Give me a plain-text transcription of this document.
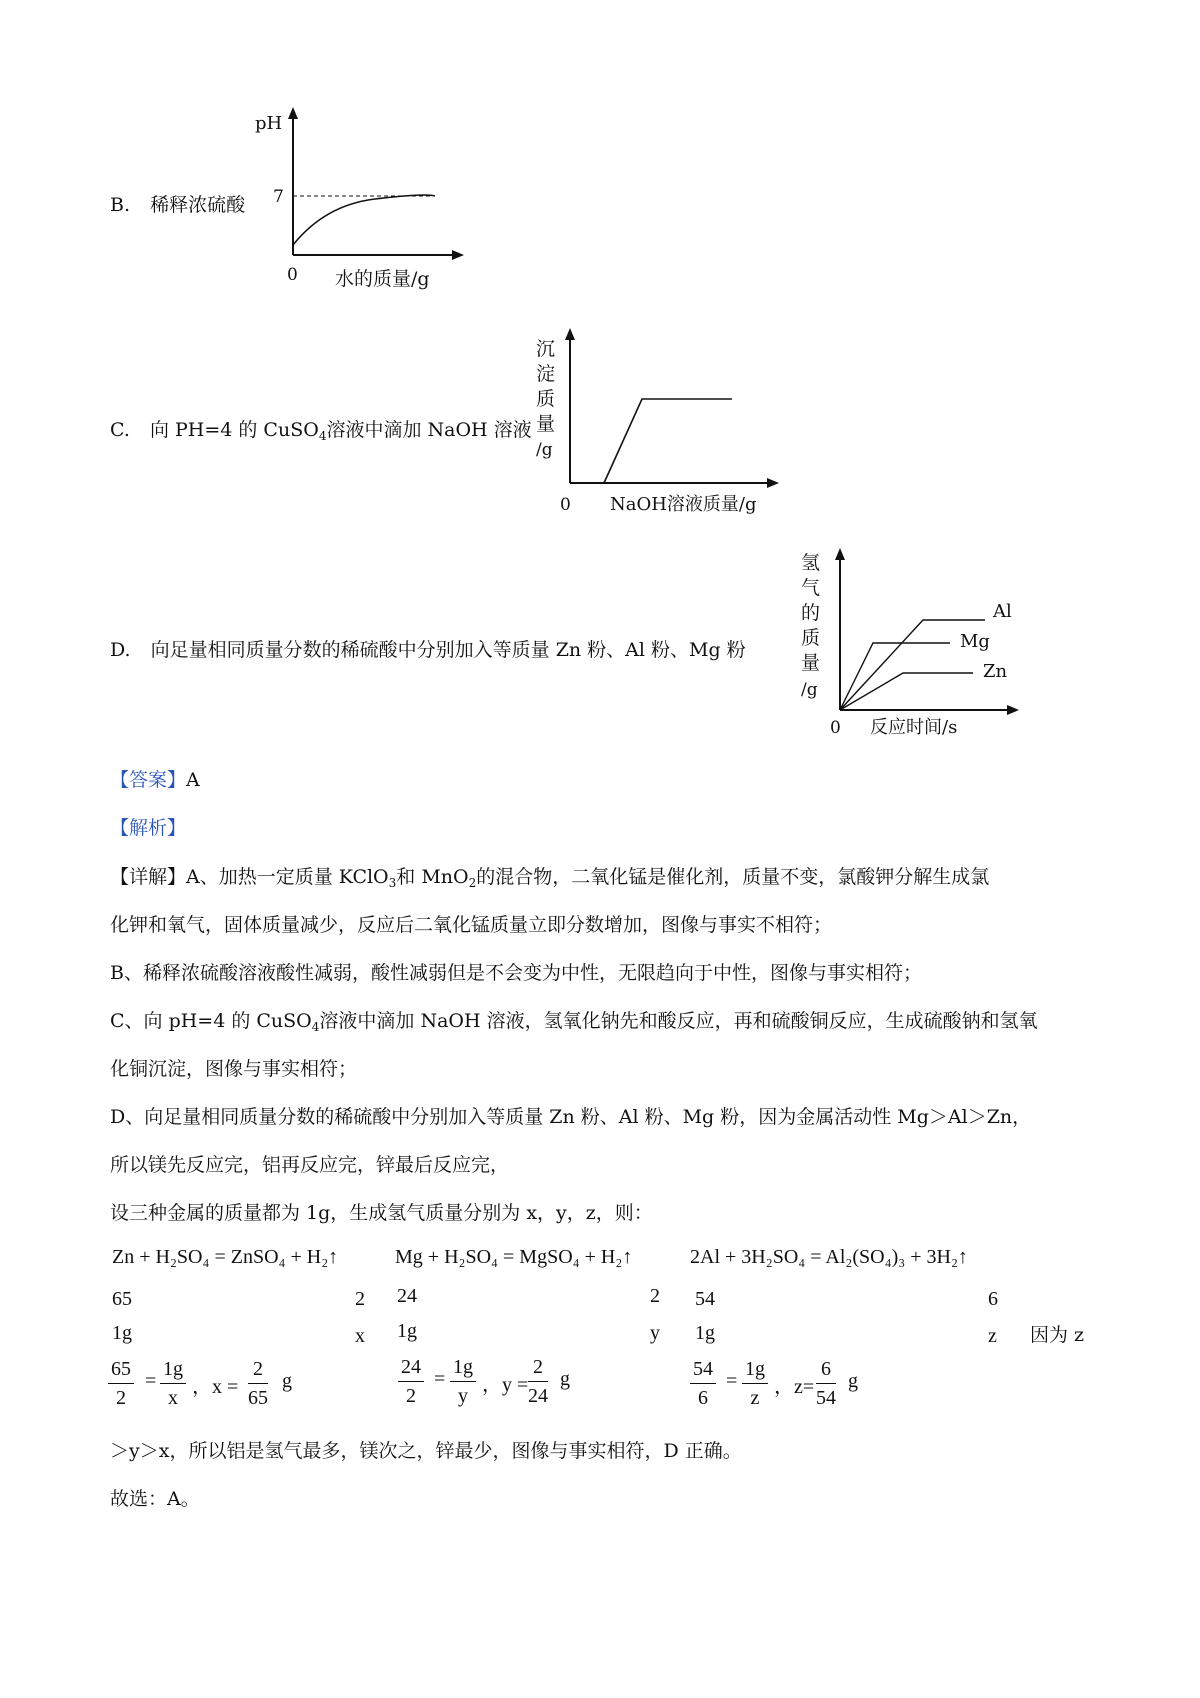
B. 稀释浓硫酸
pH
7
0 水的质量/g
C. 向 PH=4 的 CuSO$_4$溶液中滴加 NaOH 溶液
沉
淀
质
量
/g
0 NaOH溶液质量/g
D. 向足量相同质量分数的稀硫酸中分别加入等质量 Zn 粉、Al 粉、Mg 粉
氢
气
的
质
量
/g
Al
Mg
Zn
0 反应时间/s
【答案】A
【解析】
【详解】A、加热一定质量 KClO$_3$和 MnO$_2$的混合物，二氧化锰是催化剂，质量不变，氯酸钾分解生成氯
化钾和氧气，固体质量减少，反应后二氧化锰质量立即分数增加，图像与事实不相符；
B、稀释浓硫酸溶液酸性减弱，酸性减弱但是不会变为中性，无限趋向于中性，图像与事实相符；
C、向 pH=4 的 CuSO$_4$溶液中滴加 NaOH 溶液，氢氧化钠先和酸反应，再和硫酸铜反应，生成硫酸钠和氢氧
化铜沉淀，图像与事实相符；
D、向足量相同质量分数的稀硫酸中分别加入等质量 Zn 粉、Al 粉、Mg 粉，因为金属活动性 Mg＞Al＞Zn，
所以镁先反应完，铝再反应完，锌最后反应完，
设三种金属的质量都为 1g，生成氢气质量分别为 x，y，z，则：
Zn + H₂SO₄ = ZnSO₄ + H₂↑	Mg + H₂SO₄ = MgSO₄ + H₂↑	2Al + 3H₂SO₄ = Al₂(SO₄)₃ + 3H₂↑
65	2 24	2 54	6
1g	x 1g	y 1g	z 因为 z
$\frac{65}{2} = \frac{1g}{x}$ ，$x = \frac{2}{65}$ g	$\frac{24}{2} = \frac{1g}{y}$ ，$y = \frac{2}{24}$ g	$\frac{54}{6} = \frac{1g}{z}$ ，$z= \frac{6}{54}$ g
＞y＞x，所以铝是氢气最多，镁次之，锌最少，图像与事实相符，D 正确。
故选：A。
